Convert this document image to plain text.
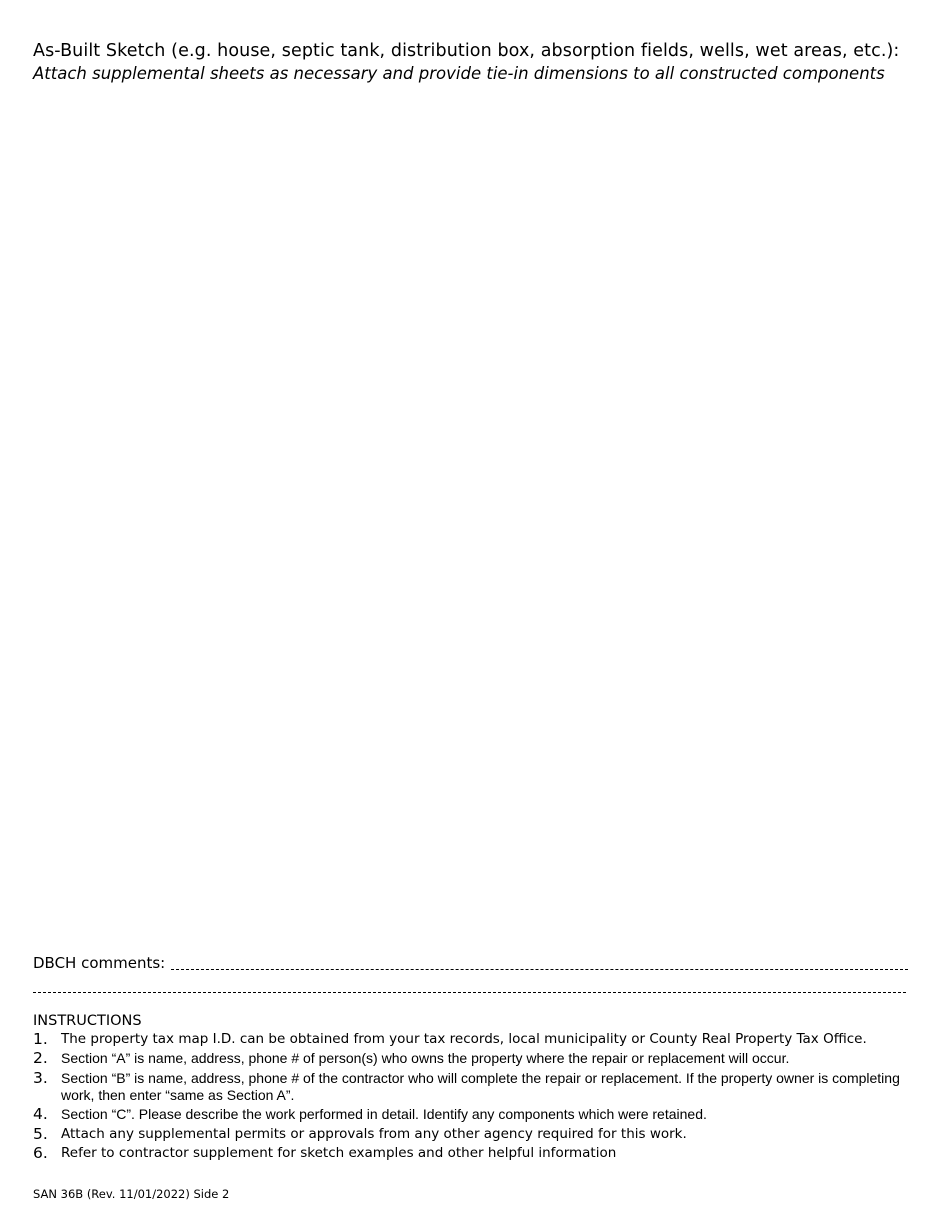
As-Built Sketch (e.g. house, septic tank, distribution box, absorption fields, wells, wet areas, etc.):
Attach supplemental sheets as necessary and provide tie-in dimensions to all constructed components
DBCH comments:
INSTRUCTIONS
1. The property tax map I.D. can be obtained from your tax records, local municipality or County Real Property Tax Office.
2. Section “A” is name, address, phone # of person(s) who owns the property where the repair or replacement will occur.
3. Section “B” is name, address, phone # of the contractor who will complete the repair or replacement. If the property owner is completing work, then enter “same as Section A”.
4. Section “C”. Please describe the work performed in detail. Identify any components which were retained.
5. Attach any supplemental permits or approvals from any other agency required for this work.
6. Refer to contractor supplement for sketch examples and other helpful information
SAN 36B (Rev. 11/01/2022) Side 2
